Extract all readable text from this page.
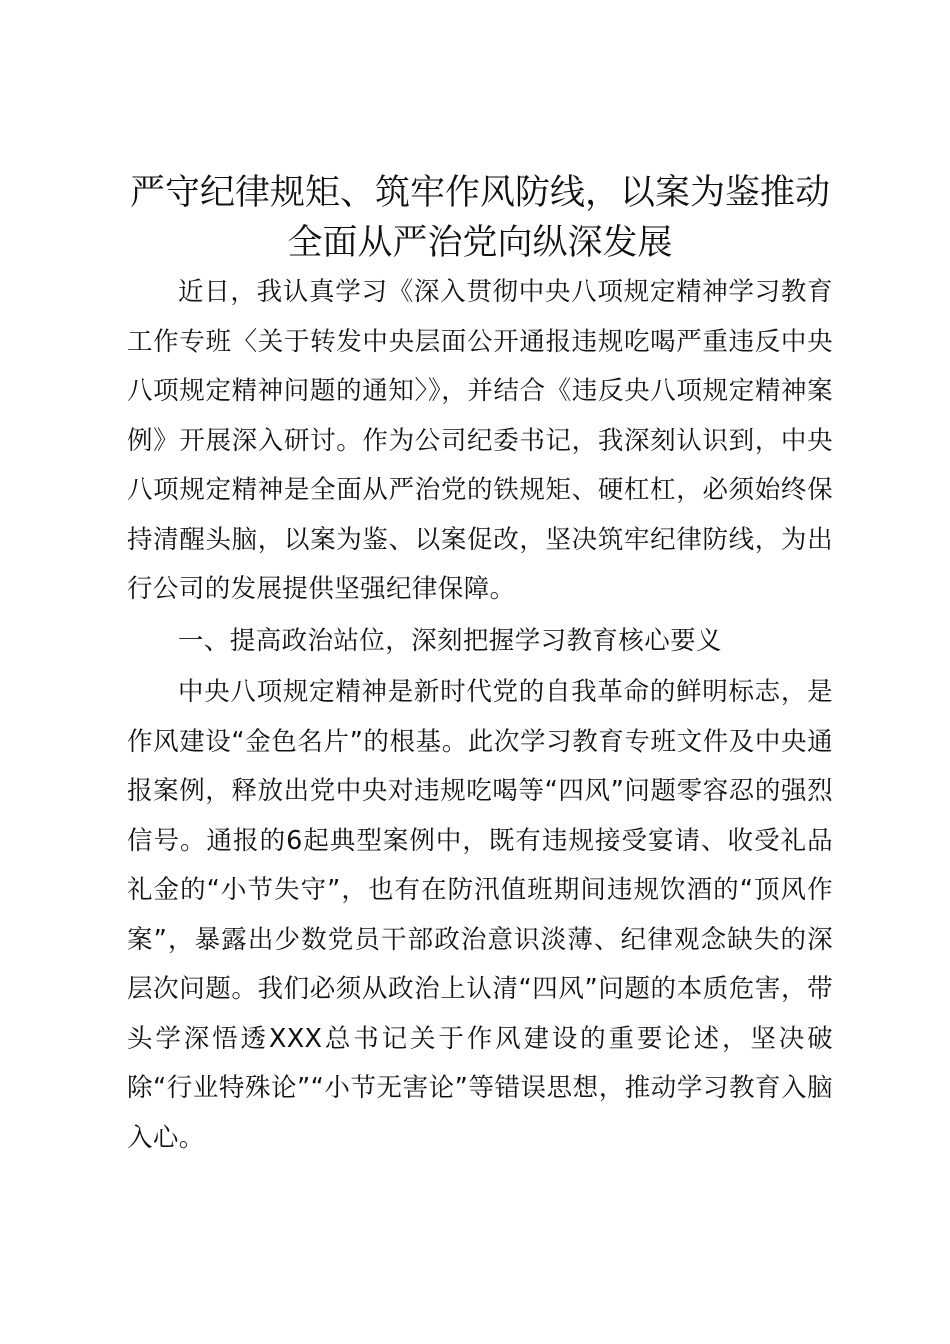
严守纪律规矩、筑牢作风防线，以案为鉴推动
全面从严治党向纵深发展

近日，我认真学习《深入贯彻中央八项规定精神学习教育工作专班〈关于转发中央层面公开通报违规吃喝严重违反中央八项规定精神问题的通知〉》，并结合《违反央八项规定精神案例》开展深入研讨。作为公司纪委书记，我深刻认识到，中央八项规定精神是全面从严治党的铁规矩、硬杠杠，必须始终保持清醒头脑，以案为鉴、以案促改，坚决筑牢纪律防线，为出行公司的发展提供坚强纪律保障。

一、提高政治站位，深刻把握学习教育核心要义

中央八项规定精神是新时代党的自我革命的鲜明标志，是作风建设“金色名片”的根基。此次学习教育专班文件及中央通报案例，释放出党中央对违规吃喝等“四风”问题零容忍的强烈信号。通报的6起典型案例中，既有违规接受宴请、收受礼品礼金的“小节失守”，也有在防汛值班期间违规饮酒的“顶风作案”，暴露出少数党员干部政治意识淡薄、纪律观念缺失的深层次问题。我们必须从政治上认清“四风”问题的本质危害，带头学深悟透XXX总书记关于作风建设的重要论述，坚决破除“行业特殊论”“小节无害论”等错误思想，推动学习教育入脑入心。
